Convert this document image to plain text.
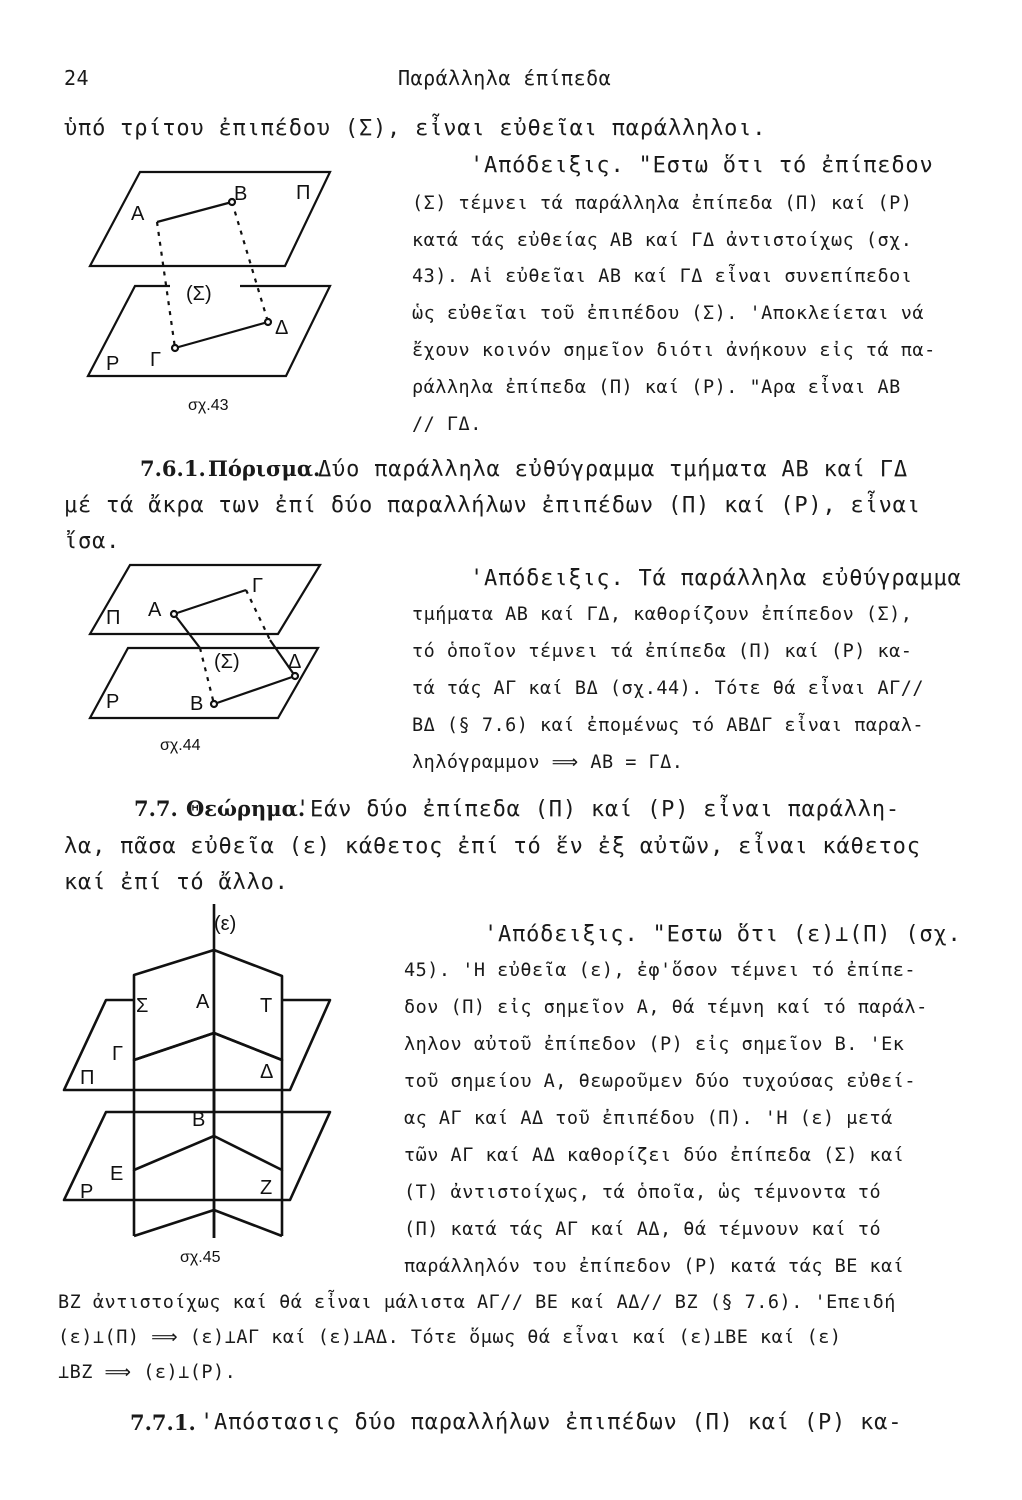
24	Παράλληλα έπίπεδα
ὑπό τρίτου ἐπιπέδου (Σ), εἶναι εὐθεῖαι παράλληλοι.
'Απόδειξις. "Εστω ὅτι τό ἐπίπεδον
(Σ) τέμνει τά παράλληλα ἐπίπεδα (Π) καί (Ρ)
κατά τάς εὐθείας ΑΒ καί ΓΔ ἀντιστοίχως (σχ.
43). Αἱ εὐθεῖαι ΑΒ καί ΓΔ εἶναι συνεπίπεδοι
ὡς εὐθεῖαι τοῦ ἐπιπέδου (Σ). 'Αποκλείεται νά
ἔχουν κοινόν σημεῖον διότι ἀνήκουν εἰς τά πα-
ράλληλα ἐπίπεδα (Π) καί (Ρ). "Αρα εἶναι ΑΒ
// ΓΔ.
7.6.1. Πόρισμα.
Δύο παράλληλα εὐθύγραμμα τμήματα ΑΒ καί ΓΔ
μέ τά ἄκρα των ἐπί δύο παραλλήλων ἐπιπέδων (Π) καί (Ρ), εἶναι
ἴσα.
'Απόδειξις. Τά παράλληλα εὐθύγραμμα
τμήματα ΑΒ καί ΓΔ, καθορίζουν ἐπίπεδον (Σ),
τό ὁποῖον τέμνει τά ἐπίπεδα (Π) καί (Ρ) κα-
τά τάς ΑΓ καί ΒΔ (σχ.44). Τότε θά εἶναι ΑΓ//
ΒΔ (§ 7.6) καί ἐπομένως τό ΑΒΔΓ εἶναι παραλ-
ληλόγραμμον ⟹ ΑΒ = ΓΔ.
7.7. Θεώρημα.
'Εάν δύο ἐπίπεδα (Π) καί (Ρ) εἶναι παράλλη-
λα, πᾶσα εὐθεῖα (ε) κάθετος ἐπί τό ἕν ἐξ αὐτῶν, εἶναι κάθετος
καί ἐπί τό ἄλλο.
'Απόδειξις. "Εστω ὅτι (ε)⊥(Π) (σχ.
45). 'Η εὐθεῖα (ε), ἐφ'ὅσον τέμνει τό ἐπίπε-
δον (Π) εἰς σημεῖον Α, θά τέμνη καί τό παράλ-
ληλον αὐτοῦ ἐπίπεδον (Ρ) εἰς σημεῖον Β. 'Εκ
τοῦ σημείου Α, θεωροῦμεν δύο τυχούσας εὐθεί-
ας ΑΓ καί ΑΔ τοῦ ἐπιπέδου (Π). 'Η (ε) μετά
τῶν ΑΓ καί ΑΔ καθορίζει δύο ἐπίπεδα (Σ) καί
(Τ) ἀντιστοίχως, τά ὁποῖα, ὡς τέμνοντα τό
(Π) κατά τάς ΑΓ καί ΑΔ, θά τέμνουν καί τό
παράλληλόν του ἐπίπεδον (Ρ) κατά τάς ΒΕ καί
ΒΖ ἀντιστοίχως καί θά εἶναι μάλιστα ΑΓ// ΒΕ καί ΑΔ// ΒΖ (§ 7.6). 'Επειδή
(ε)⊥(Π) ⟹ (ε)⊥ΑΓ καί (ε)⊥ΑΔ. Τότε ὅμως θά εἶναι καί (ε)⊥ΒΕ καί (ε)
⊥ΒΖ ⟹ (ε)⊥(Ρ).
7.7.1. 'Απόστασις δύο παραλλήλων ἐπιπέδων (Π) καί (Ρ) κα-
A
B Π
(Σ)
Δ
Ρ Γ
σχ.43
Γ
Π A
(Σ) Δ
Ρ	B
σχ.44
(ε)
Σ A	Τ
Γ
Π	Δ
B
E
Ρ	Z
σχ.45
